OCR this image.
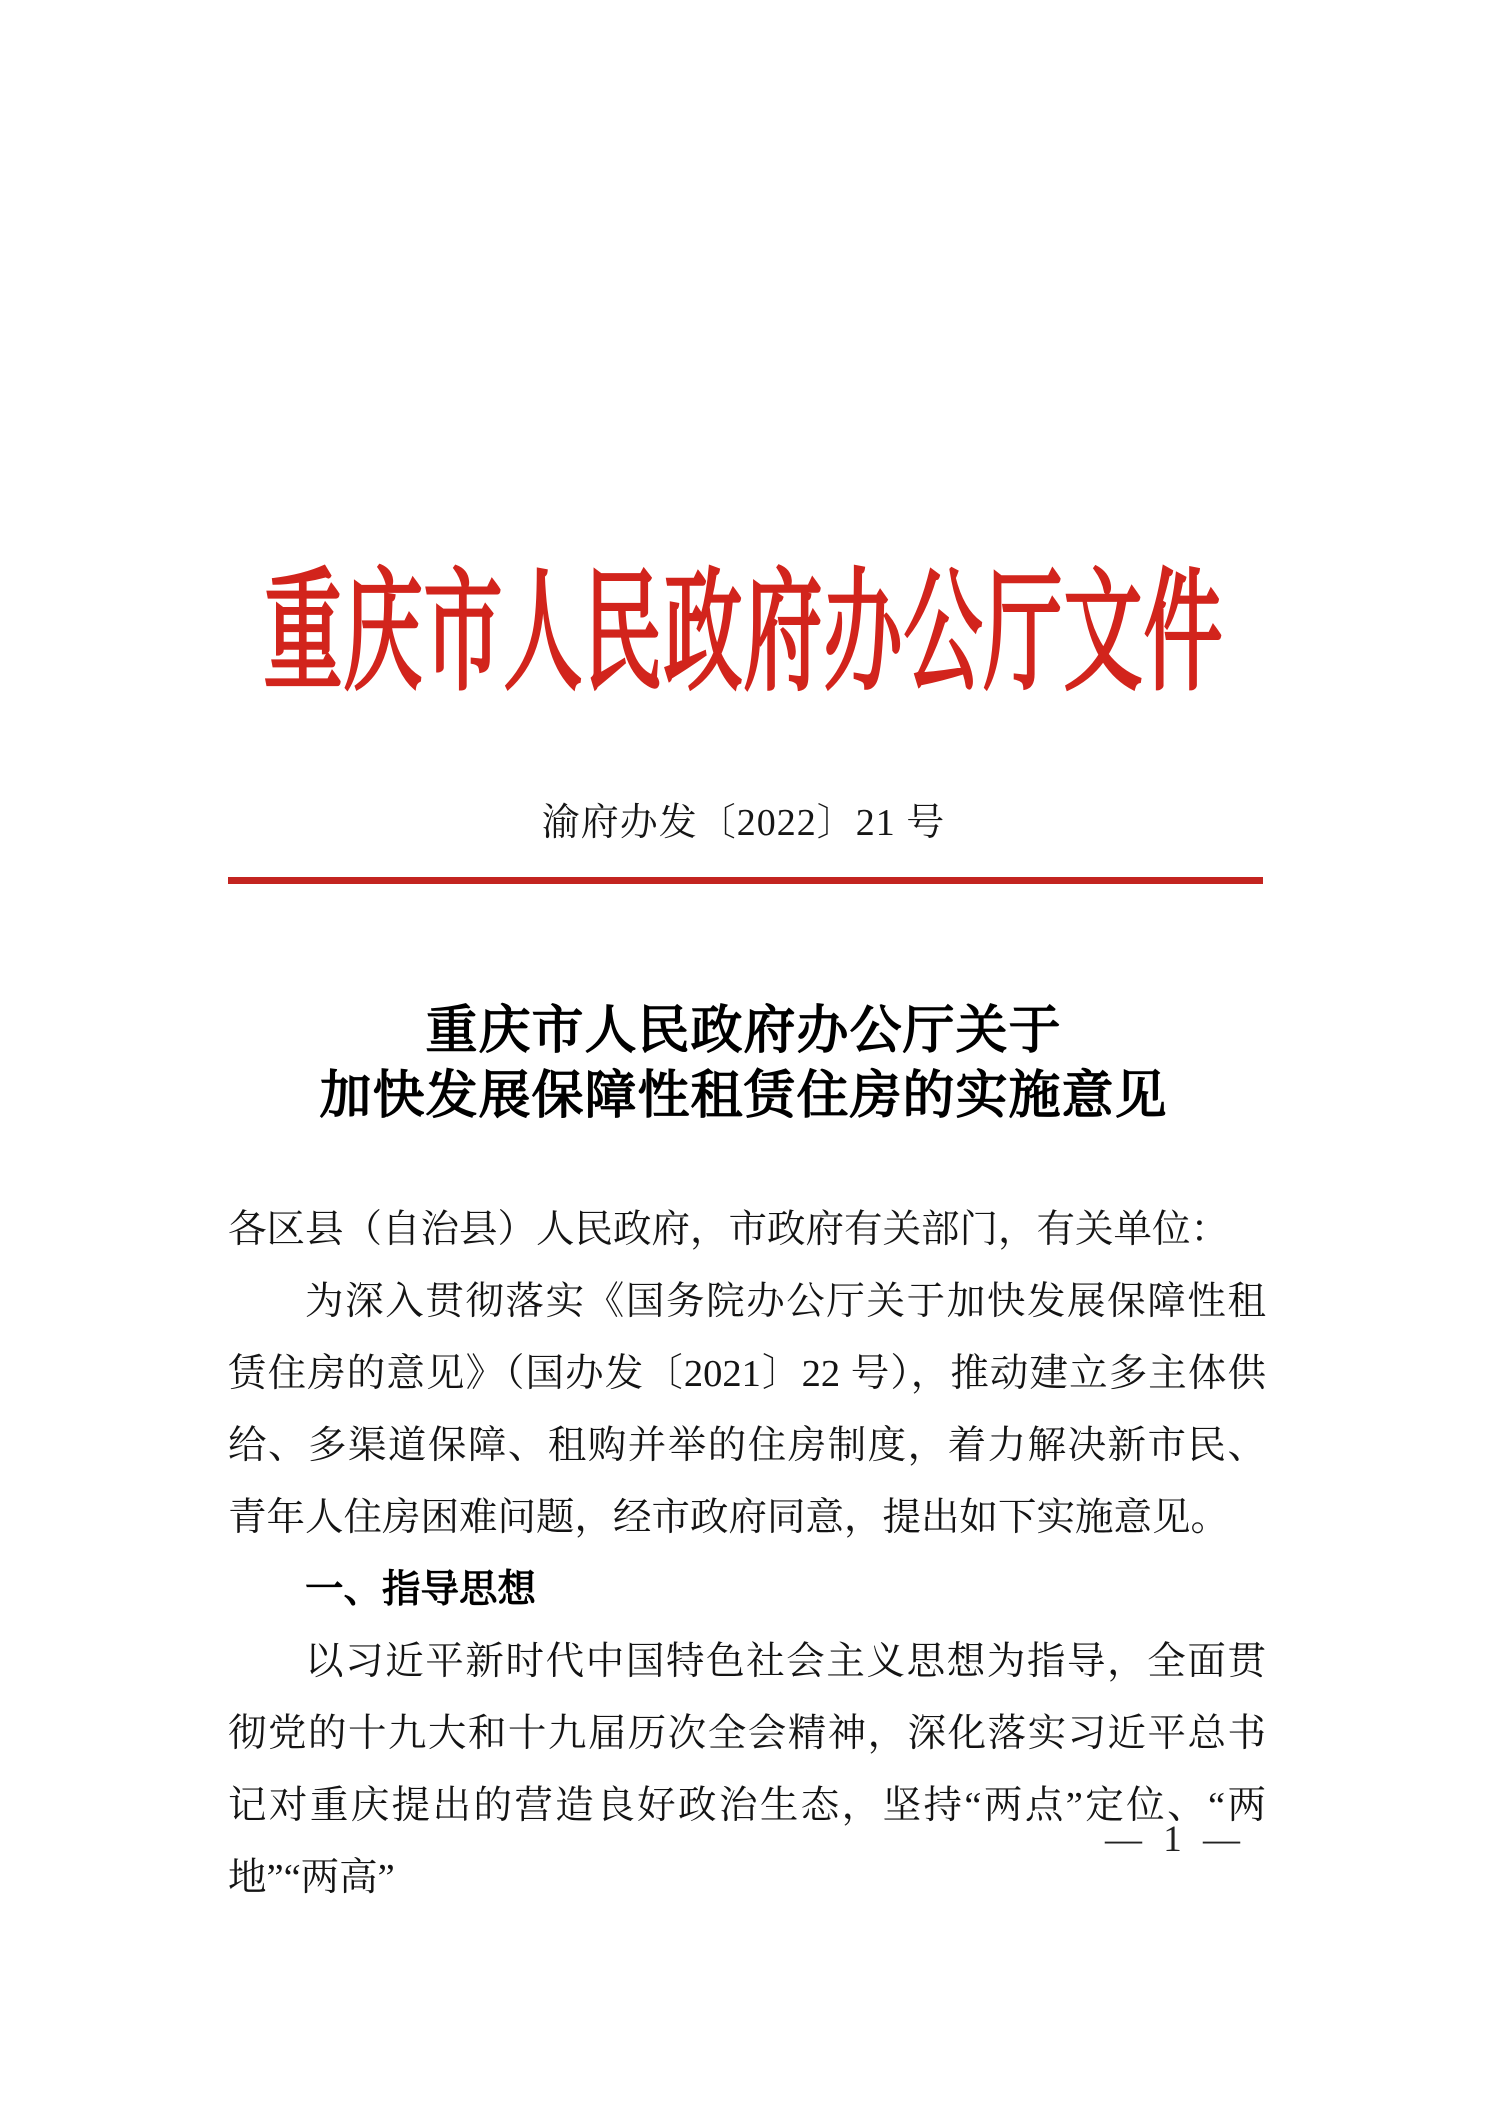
重庆市人民政府办公厅文件
渝府办发〔2022〕21 号
重庆市人民政府办公厅关于
加快发展保障性租赁住房的实施意见

各区县（自治县）人民政府，市政府有关部门，有关单位：

为深入贯彻落实《国务院办公厅关于加快发展保障性租赁住房的意见》（国办发〔2021〕22 号），推动建立多主体供给、多渠道保障、租购并举的住房制度，着力解决新市民、青年人住房困难问题，经市政府同意，提出如下实施意见。

一、指导思想

以习近平新时代中国特色社会主义思想为指导，全面贯彻党的十九大和十九届历次全会精神，深化落实习近平总书记对重庆提出的营造良好政治生态，坚持“两点”定位、“两地”“两高”

— 1 —
